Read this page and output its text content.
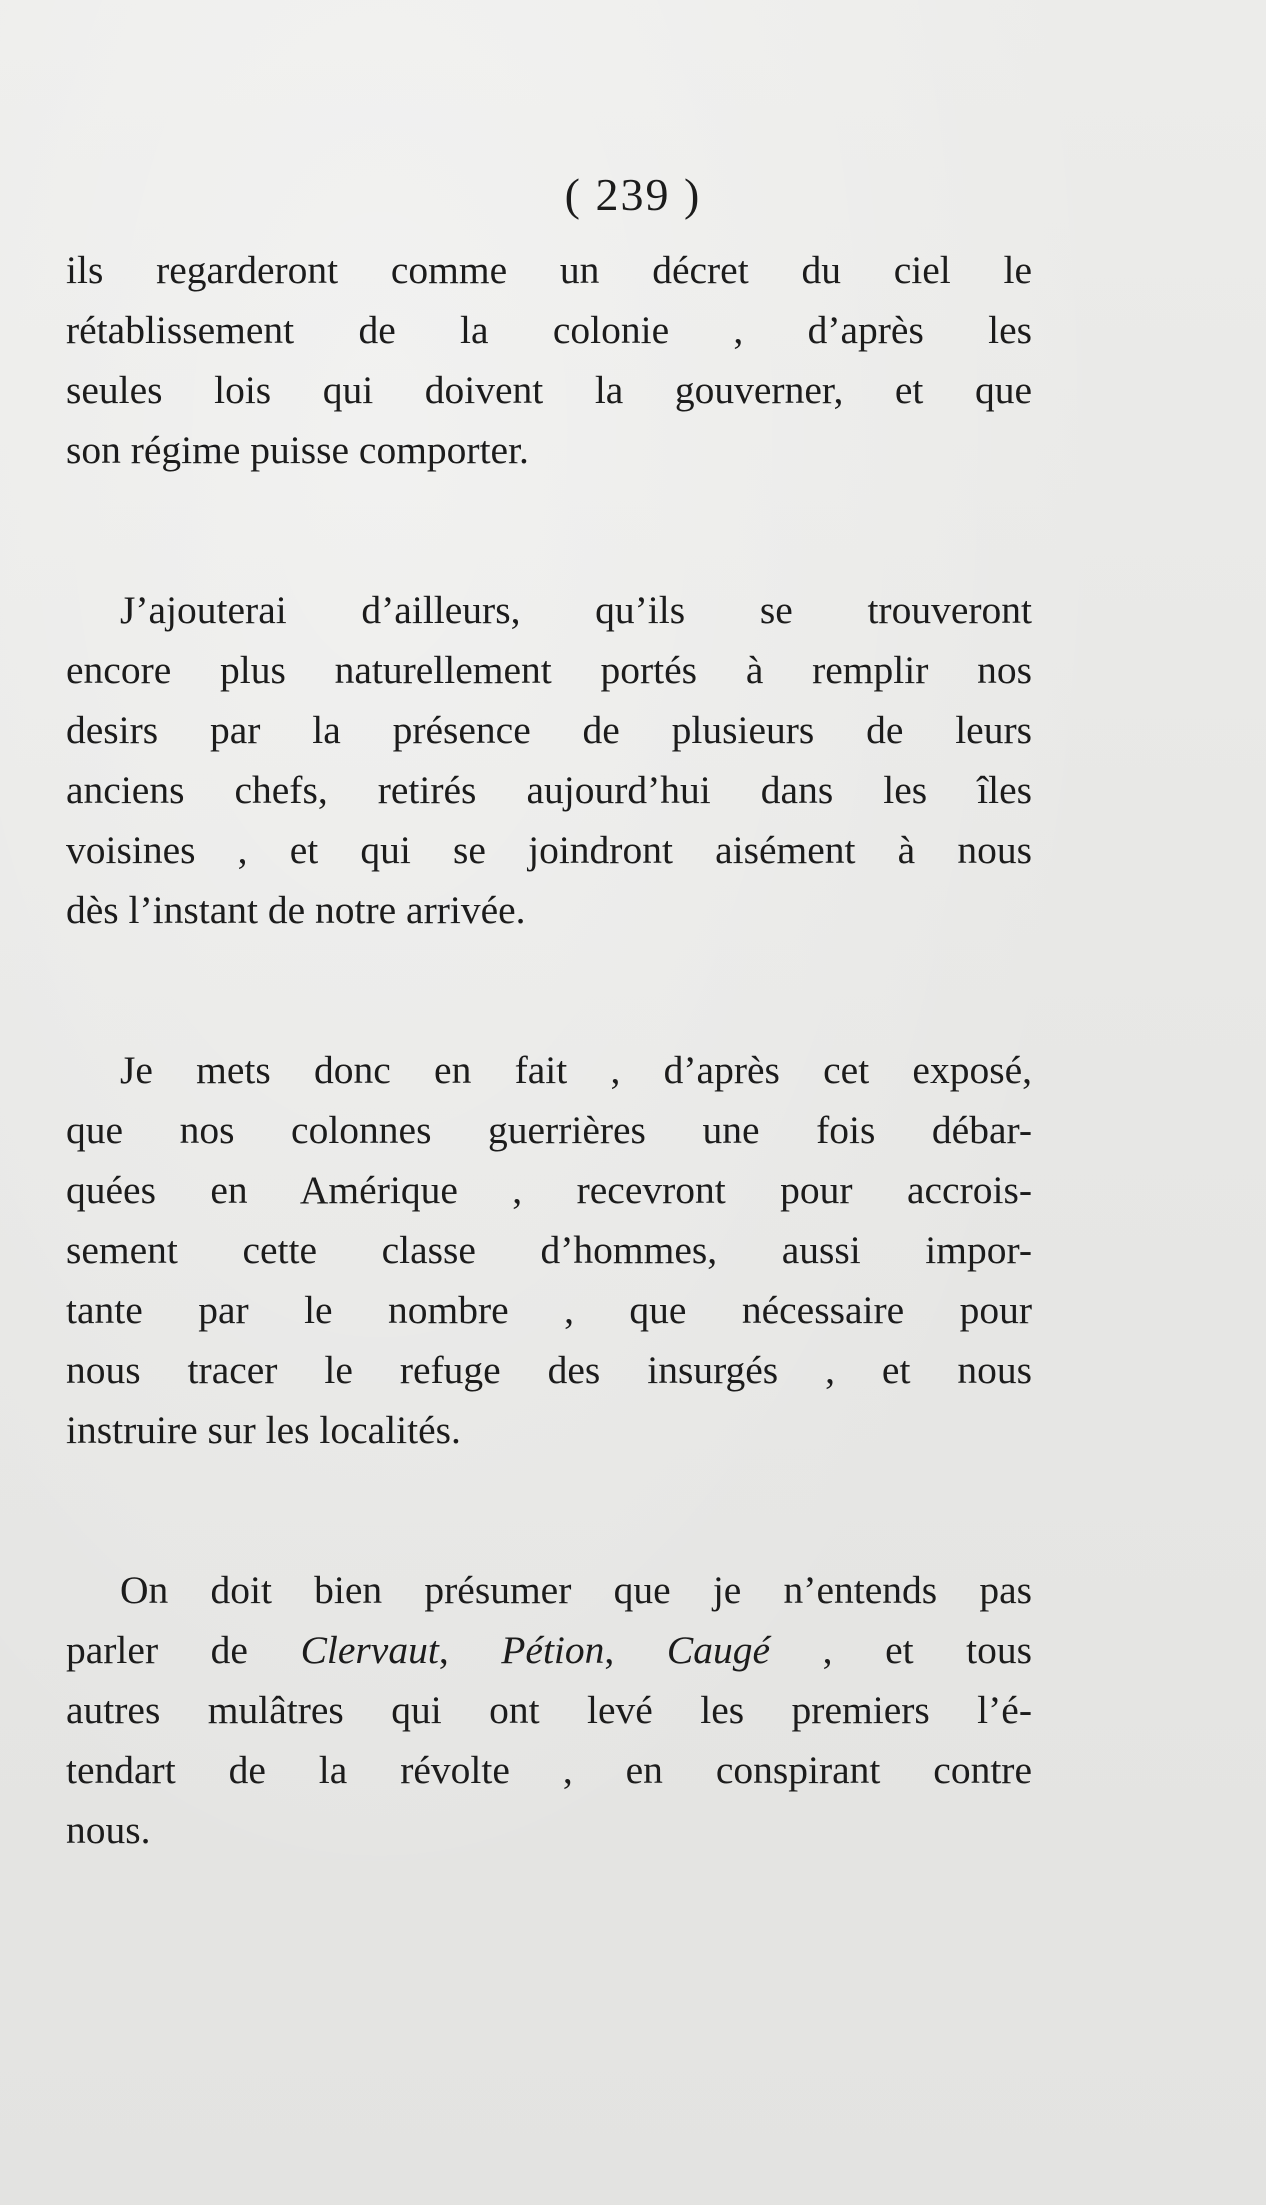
( 239 )

ils regarderont comme un décret du ciel le
rétablissement de la colonie , d’après les
seules lois qui doivent la gouverner, et que
son régime puisse comporter.

J’ajouterai d’ailleurs, qu’ils se trouveront
encore plus naturellement portés à remplir nos
desirs par la présence de plusieurs de leurs
anciens chefs, retirés aujourd’hui dans les îles
voisines , et qui se joindront aisément à nous
dès l’instant de notre arrivée.

Je mets donc en fait , d’après cet exposé,
que nos colonnes guerrières une fois débar-
quées en Amérique , recevront pour accrois-
sement cette classe d’hommes, aussi impor-
tante par le nombre , que nécessaire pour
nous tracer le refuge des insurgés , et nous
instruire sur les localités.

On doit bien présumer que je n’entends pas
parler de Clervaut, Pétion, Caugé , et tous
autres mulâtres qui ont levé les premiers l’é-
tendart de la révolte , en conspirant contre
nous.
